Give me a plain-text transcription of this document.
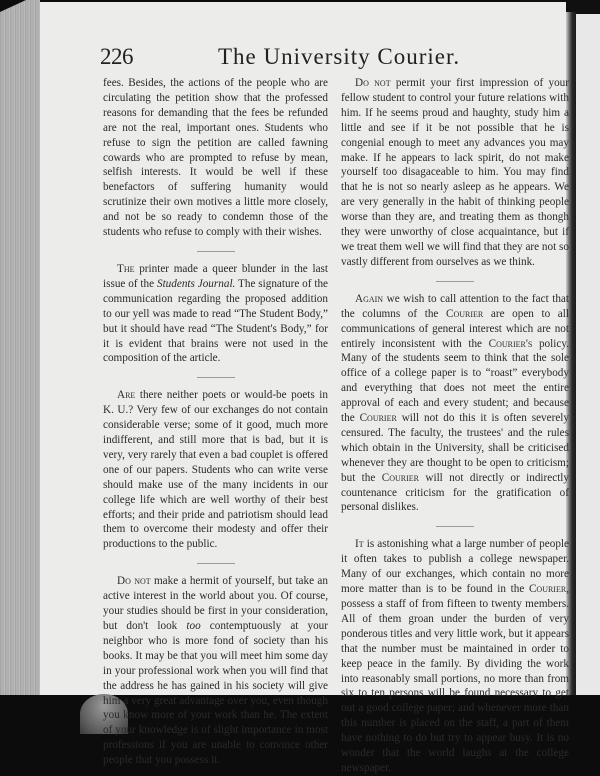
226	The University Courier.

fees. Besides, the actions of the people who are circulating the petition show that the professed reasons for demanding that the fees be refunded are not the real, important ones. Students who refuse to sign the petition are called fawning cowards who are prompted to refuse by mean, selfish interests. It would be well if these benefactors of suffering humanity would scrutinize their own motives a little more closely, and not be so ready to condemn those of the students who refuse to comply with their wishes.

The printer made a queer blunder in the last issue of the Students Journal. The signature of the communication regarding the proposed addition to our yell was made to read “The Student Body,” but it should have read “The Student's Body,” for it is evident that brains were not used in the composition of the article.

Are there neither poets or would-be poets in K. U.? Very few of our exchanges do not contain considerable verse; some of it good, much more indifferent, and still more that is bad, but it is very, very rarely that even a bad couplet is offered one of our papers. Students who can write verse should make use of the many incidents in our college life which are well worthy of their best efforts; and their pride and patriotism should lead them to overcome their modesty and offer their productions to the public.

Do not make a hermit of yourself, but take an active interest in the world about you. Of course, your studies should be first in your consideration, but don't look too contemptuously at your neighbor who is more fond of society than his books. It may be that you will meet him some day in your professional work when you will find that the address he has gained in his society will give him a very great advantage over you, even though you know more of your work than he. The extent of your knowledge is of slight importance in most professions if you are unable to convince other people that you possess it.

Do not permit your first impression of your fellow student to control your future relations with him. If he seems proud and haughty, study him a little and see if it be not possible that he is congenial enough to meet any advances you may make. If he appears to lack spirit, do not make yourself too disagaceable to him. You may find that he is not so nearly asleep as he appears. We are very generally in the habit of thinking people worse than they are, and treating them as thongh they were unworthy of close acquaintance, but if we treat them well we will find that they are not so vastly different from ourselves as we think.

Again we wish to call attention to the fact that the columns of the Courier are open to all communications of general interest which are not entirely inconsistent with the Courier's policy. Many of the students seem to think that the sole office of a college paper is to “roast” everybody and everything that does not meet the entire approval of each and every student; and because the Courier will not do this it is often severely censured. The faculty, the trustees' and the rules which obtain in the University, shall be criticised whenever they are thought to be open to criticism; but the Courier will not directly or indirectly countenance criticism for the gratification of personal dislikes.

It is astonishing what a large number of people it often takes to publish a college newspaper. Many of our exchanges, which contain no more more matter than is to be found in the Courier, possess a staff of from fifteen to twenty members. All of them groan under the burden of very ponderous titles and very little work, but it appears that the number must be maintained in order to keep peace in the family. By dividing the work into reasonably small portions, no more than from six to ten persons will be found necessary to get out a good college paper; and whenever more than this number is placed on the staff, a part of them have nothing to do but try to appear busy. It is no wonder that the world laughs at the college newspaper.
